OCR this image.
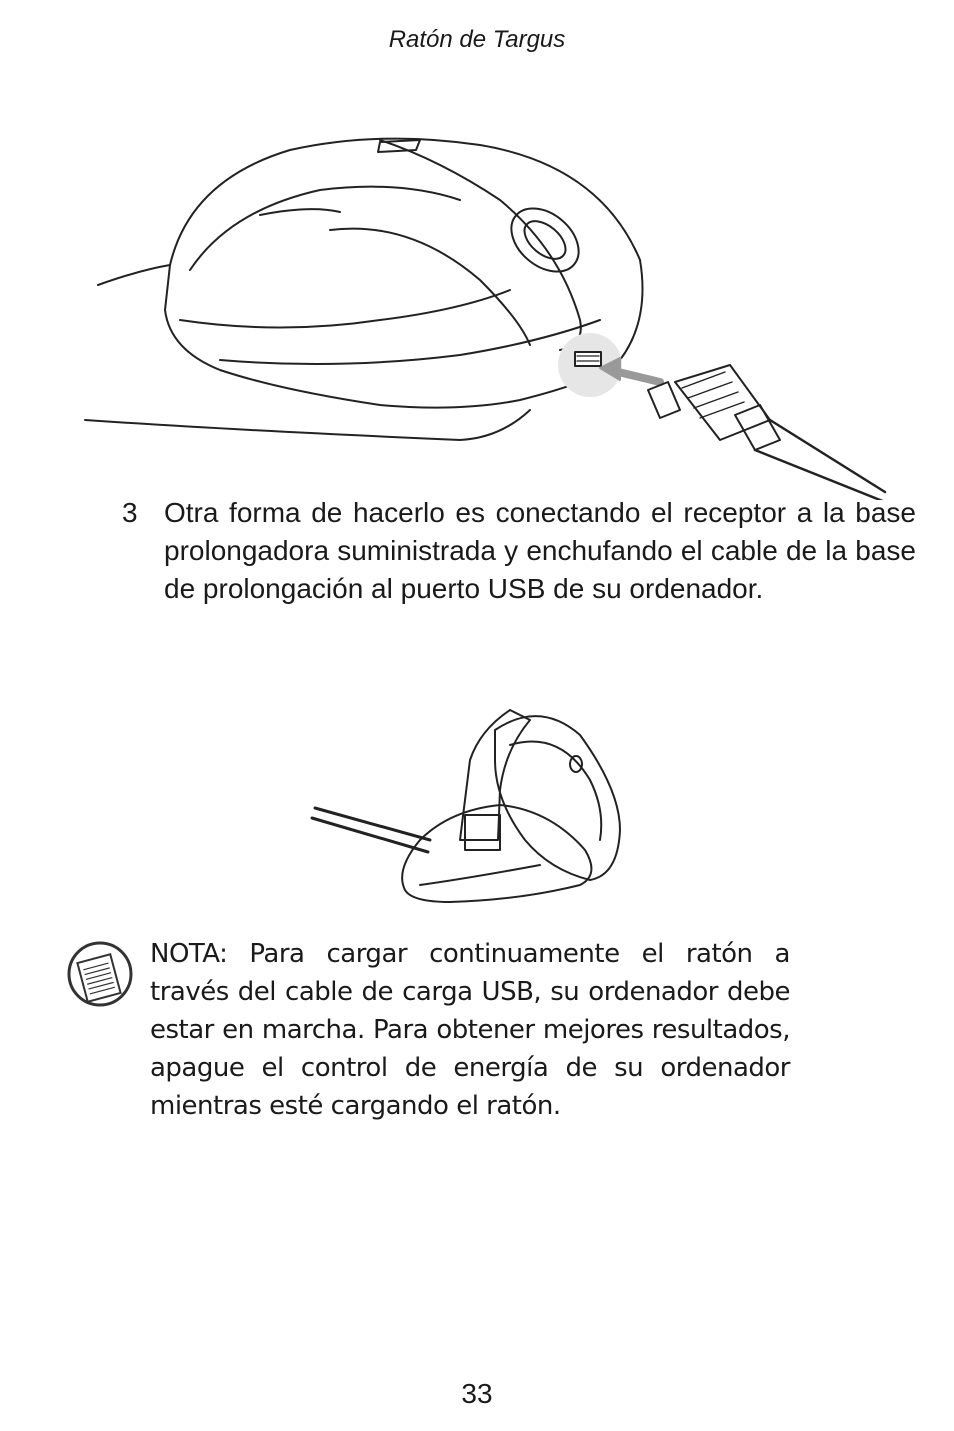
Ratón de Targus
3 Otra forma de hacerlo es conectando el receptor a la base prolongadora suministrada y enchufando el cable de la base de prolongación al puerto USB de su ordenador.
NOTA: Para cargar continuamente el ratón a través del cable de carga USB, su ordenador debe estar en marcha. Para obtener mejores resultados, apague el control de energía de su ordenador mientras esté cargando el ratón.
33
